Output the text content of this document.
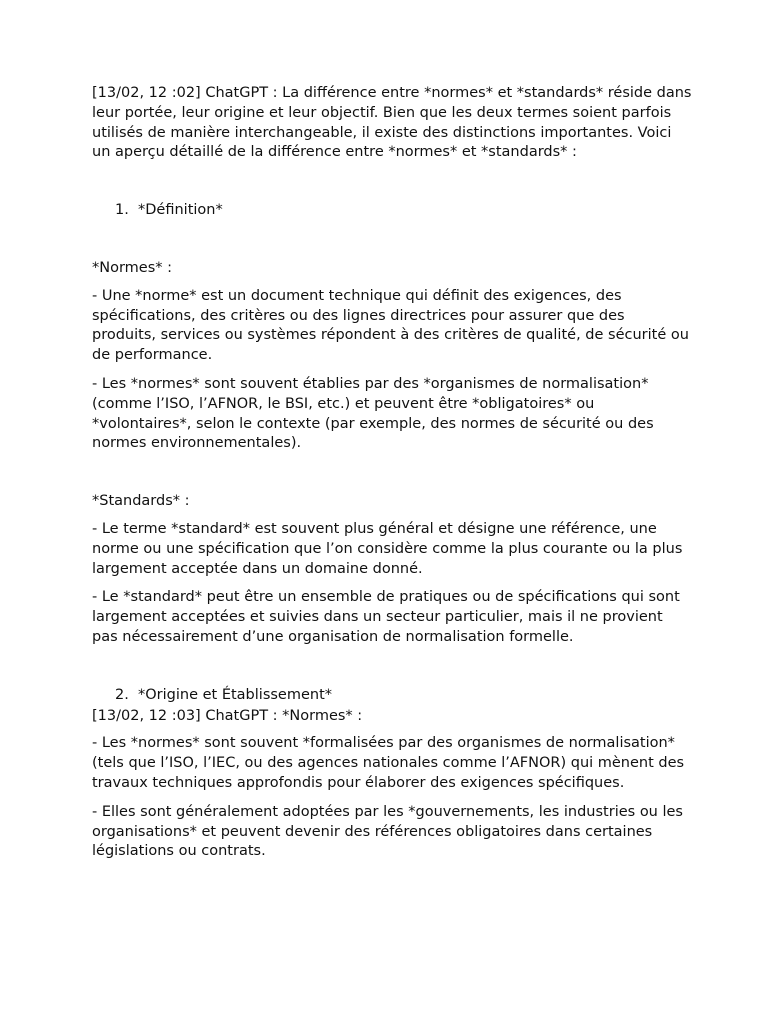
[13/02, 12 :02] ChatGPT : La différence entre *normes* et *standards* réside dans leur portée, leur origine et leur objectif. Bien que les deux termes soient parfois utilisés de manière interchangeable, il existe des distinctions importantes. Voici un aperçu détaillé de la différence entre *normes* et *standards* :

1. *Définition*

*Normes* :

- Une *norme* est un document technique qui définit des exigences, des spécifications, des critères ou des lignes directrices pour assurer que des produits, services ou systèmes répondent à des critères de qualité, de sécurité ou de performance.

- Les *normes* sont souvent établies par des *organismes de normalisation* (comme l’ISO, l’AFNOR, le BSI, etc.) et peuvent être *obligatoires* ou *volontaires*, selon le contexte (par exemple, des normes de sécurité ou des normes environnementales).

*Standards* :

- Le terme *standard* est souvent plus général et désigne une référence, une norme ou une spécification que l’on considère comme la plus courante ou la plus largement acceptée dans un domaine donné.

- Le *standard* peut être un ensemble de pratiques ou de spécifications qui sont largement acceptées et suivies dans un secteur particulier, mais il ne provient pas nécessairement d’une organisation de normalisation formelle.

2. *Origine et Établissement*

[13/02, 12 :03] ChatGPT : *Normes* :

- Les *normes* sont souvent *formalisées par des organismes de normalisation* (tels que l’ISO, l’IEC, ou des agences nationales comme l’AFNOR) qui mènent des travaux techniques approfondis pour élaborer des exigences spécifiques.

- Elles sont généralement adoptées par les *gouvernements, les industries ou les organisations* et peuvent devenir des références obligatoires dans certaines législations ou contrats.
